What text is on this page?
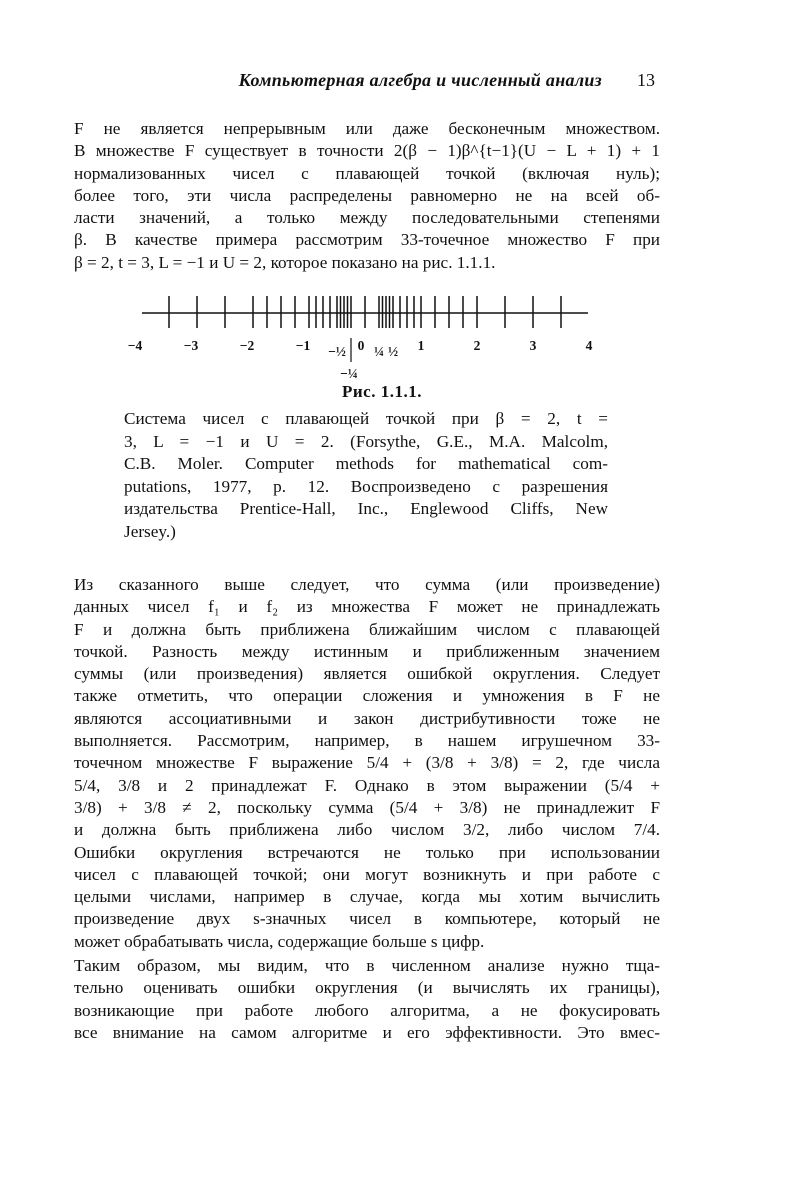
Компьютерная алгебра и численный анализ 13
F не является непрерывным или даже бесконечным множеством.
В множестве F существует в точности 2(β − 1)β^{t−1}(U − L + 1) + 1
нормализованных чисел с плавающей точкой (включая нуль);
более того, эти числа распределены равномерно не на всей об-
ласти значений, а только между последовательными степенями
β. В качестве примера рассмотрим 33-точечное множество F при
β = 2, t = 3, L = −1 и U = 2, которое показано на рис. 1.1.1.
−4	−3	−2	−1	1	2	3	4
0
−½ ¼ ½
−¼
Рис. 1.1.1.
Система чисел с плавающей точкой при β = 2, t =
3, L = −1 и U = 2. (Forsythe, G.E., M.A. Malcolm,
C.B. Moler. Computer methods for mathematical com-
putations, 1977, p. 12. Воспроизведено с разрешения
издательства Prentice-Hall, Inc., Englewood Cliffs, New
Jersey.)
Из сказанного выше следует, что сумма (или произведение)
данных чисел f₁ и f₂ из множества F может не принадлежать
F и должна быть приближена ближайшим числом с плавающей
точкой. Разность между истинным и приближенным значением
суммы (или произведения) является ошибкой округления. Следует
также отметить, что операции сложения и умножения в F не
являются ассоциативными и закон дистрибутивности тоже не
выполняется. Рассмотрим, например, в нашем игрушечном 33-
точечном множестве F выражение 5/4 + (3/8 + 3/8) = 2, где числа
5/4, 3/8 и 2 принадлежат F. Однако в этом выражении (5/4 +
3/8) + 3/8 ≠ 2, поскольку сумма (5/4 + 3/8) не принадлежит F
и должна быть приближена либо числом 3/2, либо числом 7/4.
Ошибки округления встречаются не только при использовании
чисел с плавающей точкой; они могут возникнуть и при работе с
целыми числами, например в случае, когда мы хотим вычислить
произведение двух s-значных чисел в компьютере, который не
может обрабатывать числа, содержащие больше s цифр.
Таким образом, мы видим, что в численном анализе нужно тща-
тельно оценивать ошибки округления (и вычислять их границы),
возникающие при работе любого алгоритма, а не фокусировать
все внимание на самом алгоритме и его эффективности. Это вмес-
